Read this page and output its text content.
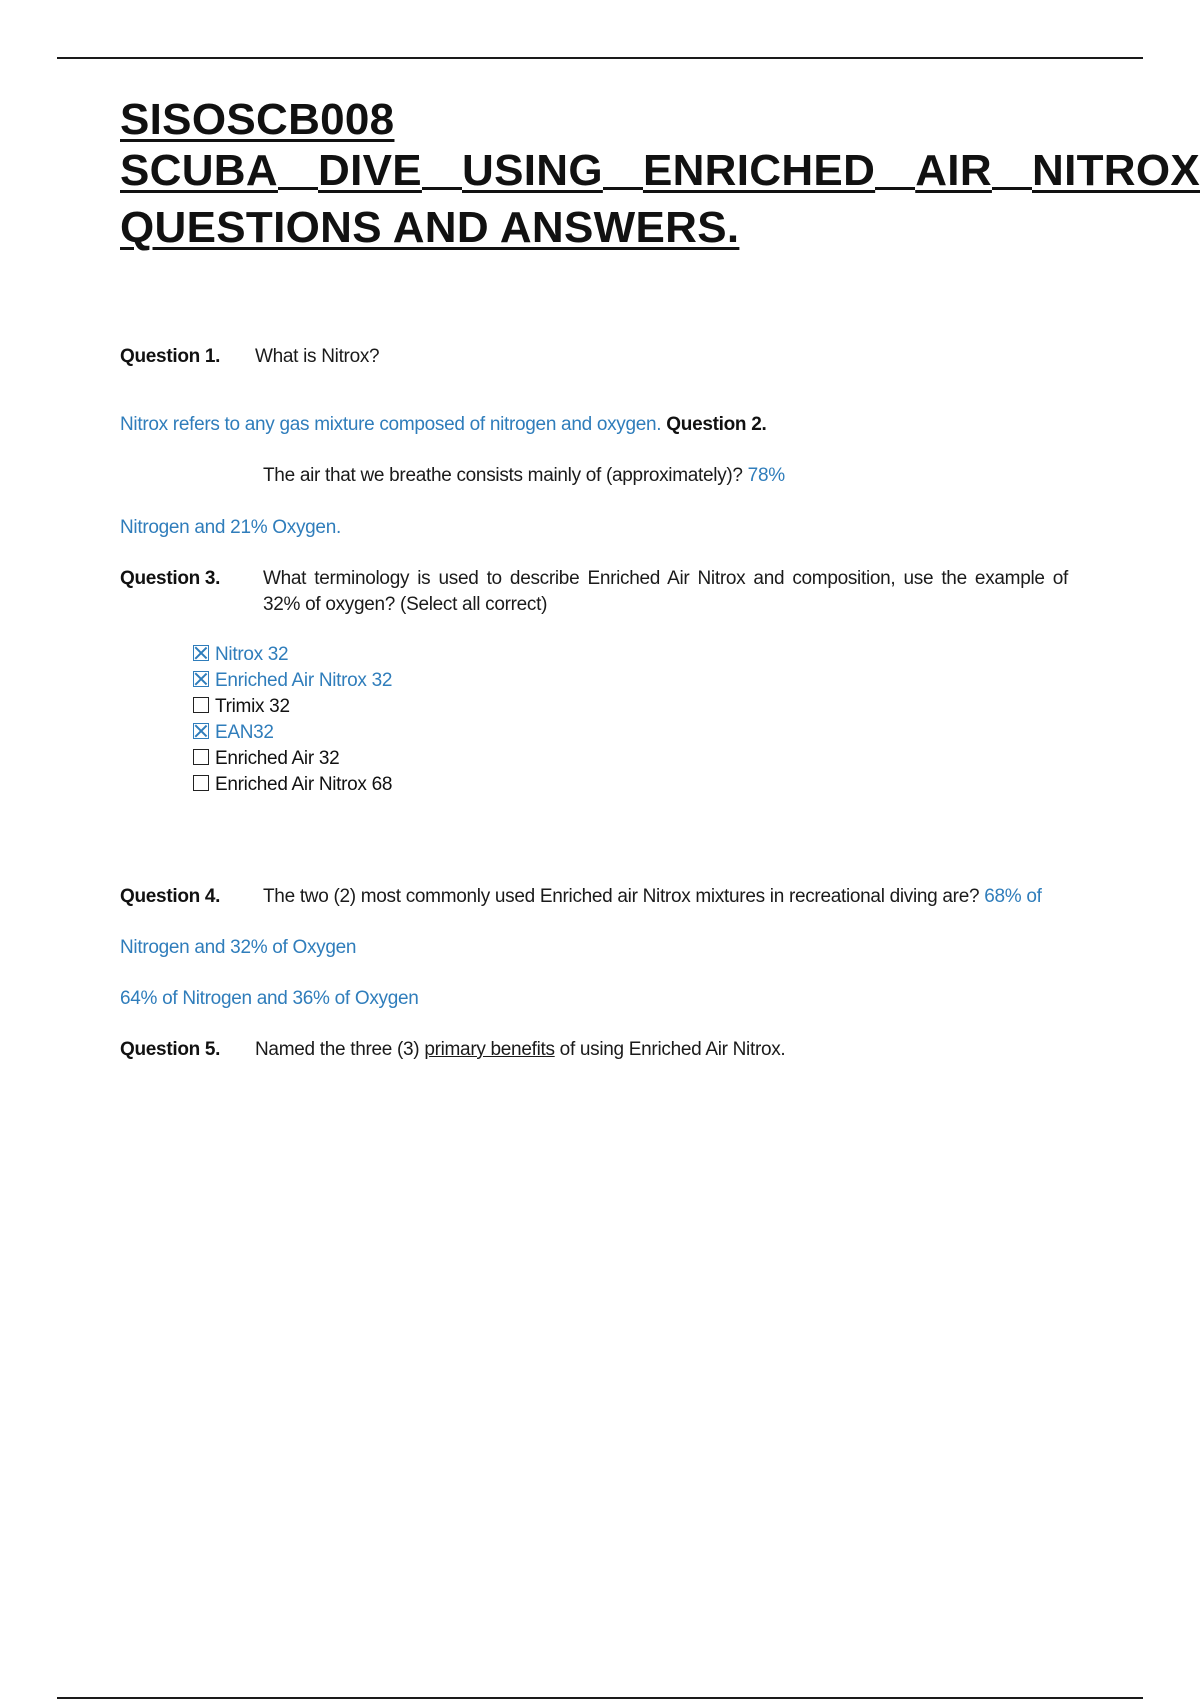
SISOSCB008
SCUBA DIVE USING ENRICHED AIR NITROX
QUESTIONS AND ANSWERS.
Question 1. What is Nitrox?
Nitrox refers to any gas mixture composed of nitrogen and oxygen. Question 2.
The air that we breathe consists mainly of (approximately)? 78%
Nitrogen and 21% Oxygen.
Question 3. What terminology is used to describe Enriched Air Nitrox and composition, use the example of
32% of oxygen? (Select all correct)
Nitrox 32
Enriched Air Nitrox 32
Trimix 32
EAN32
Enriched Air 32
Enriched Air Nitrox 68
Question 4. The two (2) most commonly used Enriched air Nitrox mixtures in recreational diving are? 68% of
Nitrogen and 32% of Oxygen
64% of Nitrogen and 36% of Oxygen
Question 5. Named the three (3) primary benefits of using Enriched Air Nitrox.
